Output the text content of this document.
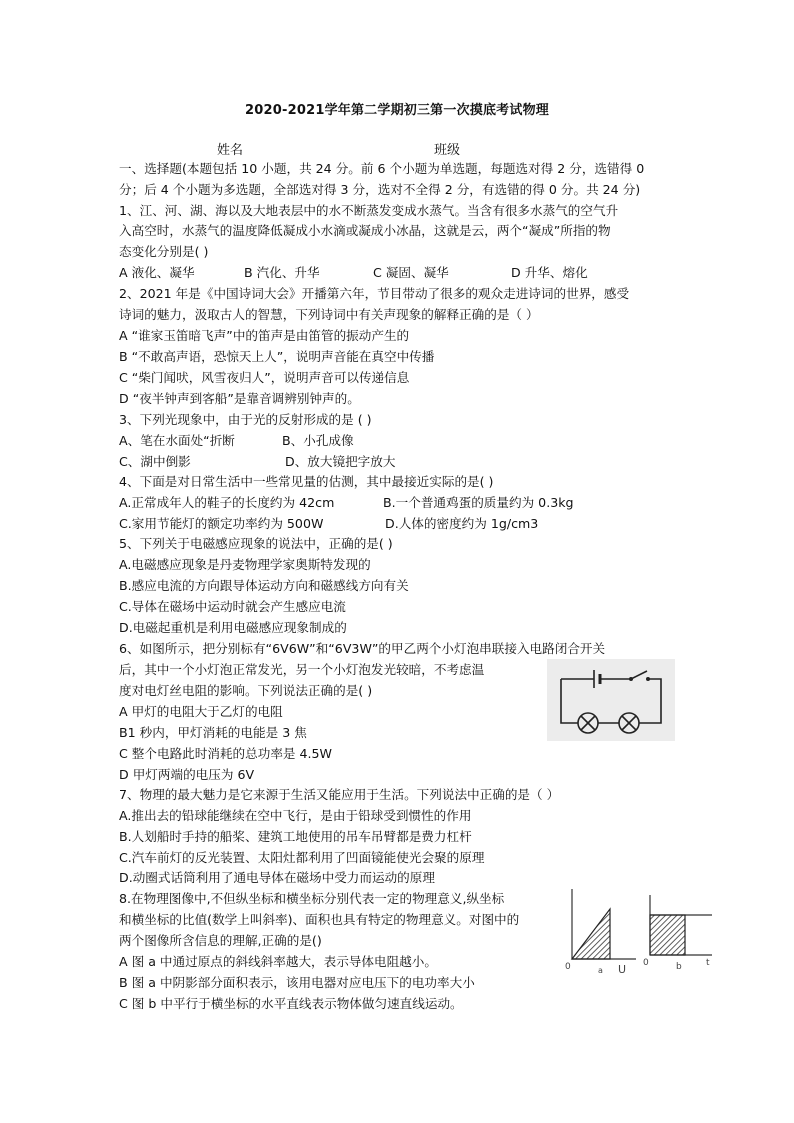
2020-2021学年第二学期初三第一次摸底考试物理
姓名	班级
一、选择题(本题包括 10 小题，共 24 分。前 6 个小题为单选题，每题选对得 2 分，选错得 0
分；后 4 个小题为多选题，全部选对得 3 分，选对不全得 2 分，有选错的得 0 分。共 24 分)
1、江、河、湖、海以及大地表层中的水不断蒸发变成水蒸气。当含有很多水蒸气的空气升
入高空时，水蒸气的温度降低凝成小水滴或凝成小冰晶，这就是云，两个“凝成”所指的物
态变化分别是( )
A 液化、凝华	B 汽化、升华	C 凝固、凝华	D 升华、熔化
2、2021 年是《中国诗词大会》开播第六年，节目带动了很多的观众走进诗词的世界，感受
诗词的魅力，汲取古人的智慧，下列诗词中有关声现象的解释正确的是（ ）
A “谁家玉笛暗飞声”中的笛声是由笛管的振动产生的
B “不敢高声语，恐惊天上人”，说明声音能在真空中传播
C “柴门闻吠，风雪夜归人”，说明声音可以传递信息
D “夜半钟声到客船”是靠音调辨别钟声的。
3、下列光现象中，由于光的反射形成的是 ( )
A、笔在水面处“折断	B、小孔成像
C、湖中倒影	D、放大镜把字放大
4、下面是对日常生活中一些常见量的估测，其中最接近实际的是( )
A.正常成年人的鞋子的长度约为 42cm	B.一个普通鸡蛋的质量约为 0.3kg
C.家用节能灯的额定功率约为 500W	D.人体的密度约为 1g/cm3
5、下列关于电磁感应现象的说法中，正确的是( )
A.电磁感应现象是丹麦物理学家奥斯特发现的
B.感应电流的方向跟导体运动方向和磁感线方向有关
C.导体在磁场中运动时就会产生感应电流
D.电磁起重机是利用电磁感应现象制成的
6、如图所示，把分别标有“6V6W”和“6V3W”的甲乙两个小灯泡串联接入电路闭合开关
后，其中一个小灯泡正常发光，另一个小灯泡发光较暗，不考虑温
度对电灯丝电阻的影响。下列说法正确的是( )
A 甲灯的电阻大于乙灯的电阻
B1 秒内，甲灯消耗的电能是 3 焦
C 整个电路此时消耗的总功率是 4.5W
D 甲灯两端的电压为 6V
7、物理的最大魅力是它来源于生活又能应用于生活。下列说法中正确的是（ ）
A.推出去的铅球能继续在空中飞行，是由于铅球受到惯性的作用
B.人划船时手持的船桨、建筑工地使用的吊车吊臂都是费力杠杆
C.汽车前灯的反光装置、太阳灶都利用了凹面镜能使光会聚的原理
D.动圈式话筒利用了通电导体在磁场中受力而运动的原理
8.在物理图像中,不但纵坐标和横坐标分别代表一定的物理意义,纵坐标
和横坐标的比值(数学上叫斜率)、面积也具有特定的物理意义。对图中的
两个图像所含信息的理解,正确的是()
A 图 a 中通过原点的斜线斜率越大，表示导体电阻越小。
B 图 a 中阴影部分面积表示，该用电器对应电压下的电功率大小
C 图 b 中平行于横坐标的水平直线表示物体做匀速直线运动。
0	a U 0	b	t
